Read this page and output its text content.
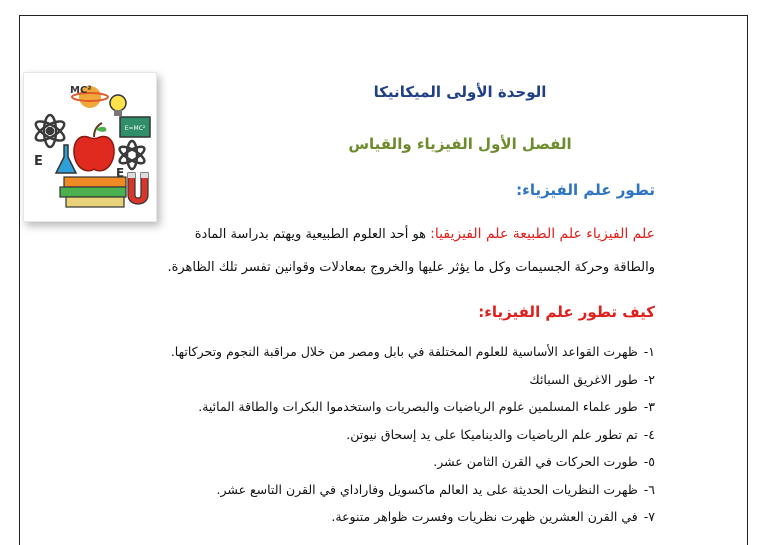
الوحدة الأولى الميكانيكا
الفصل الأول الفيزياء والقياس
تطور علم الفيزياء:
علم الفيزياء علم الطبيعة علم الفيزيقيا: هو أحد العلوم الطبيعية ويهتم بدراسة المادة
والطاقة وحركة الجسيمات وكل ما يؤثر عليها والخروج بمعادلات وقوانين تفسر تلك الظاهرة.
كيف تطور علم الفيزياء:
١-ظهرت القواعد الأساسية للعلوم المختلفة في بابل ومصر من خلال مراقبة النجوم وتحركاتها.
٢-طور الاغريق السبائك
٣-طور علماء المسلمين علوم الرياضيات والبصريات واستخدموا البكرات والطاقة المائية.
٤-تم تطور علم الرياضيات والديناميكا على يد إسحاق نيوتن.
٥-طورت الحركات في القرن الثامن عشر.
٦-ظهرت النظريات الحديثة على يد العالم ماكسويل وفاراداي في القرن التاسع عشر.
٧-في القرن العشرين ظهرت نظريات وفسرت ظواهر متنوعة.
E=MC²
MC²
E
E
